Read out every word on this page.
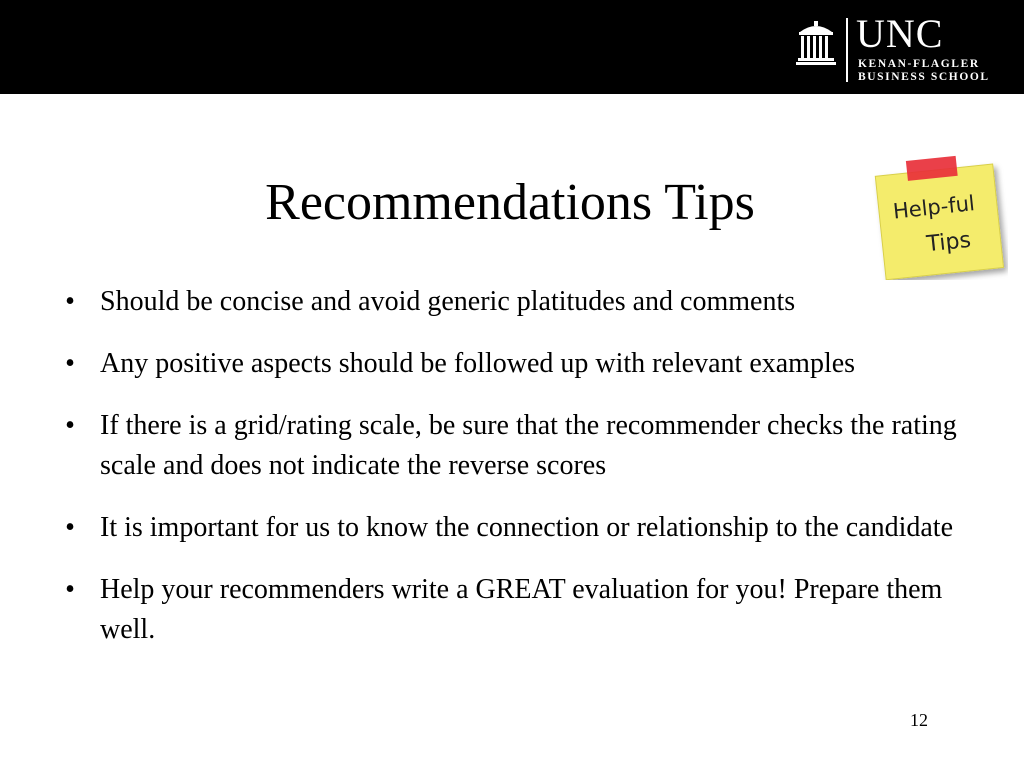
UNC
KENAN-FLAGLER
BUSINESS SCHOOL
Recommendations Tips	Help-ful
Tips
• Should be concise and avoid generic platitudes and comments
• Any positive aspects should be followed up with relevant examples
• If there is a grid/rating scale, be sure that the recommender checks the rating scale and does not indicate the reverse scores
• It is important for us to know the connection or relationship to the candidate
• Help your recommenders write a GREAT evaluation for you! Prepare them well.
12
